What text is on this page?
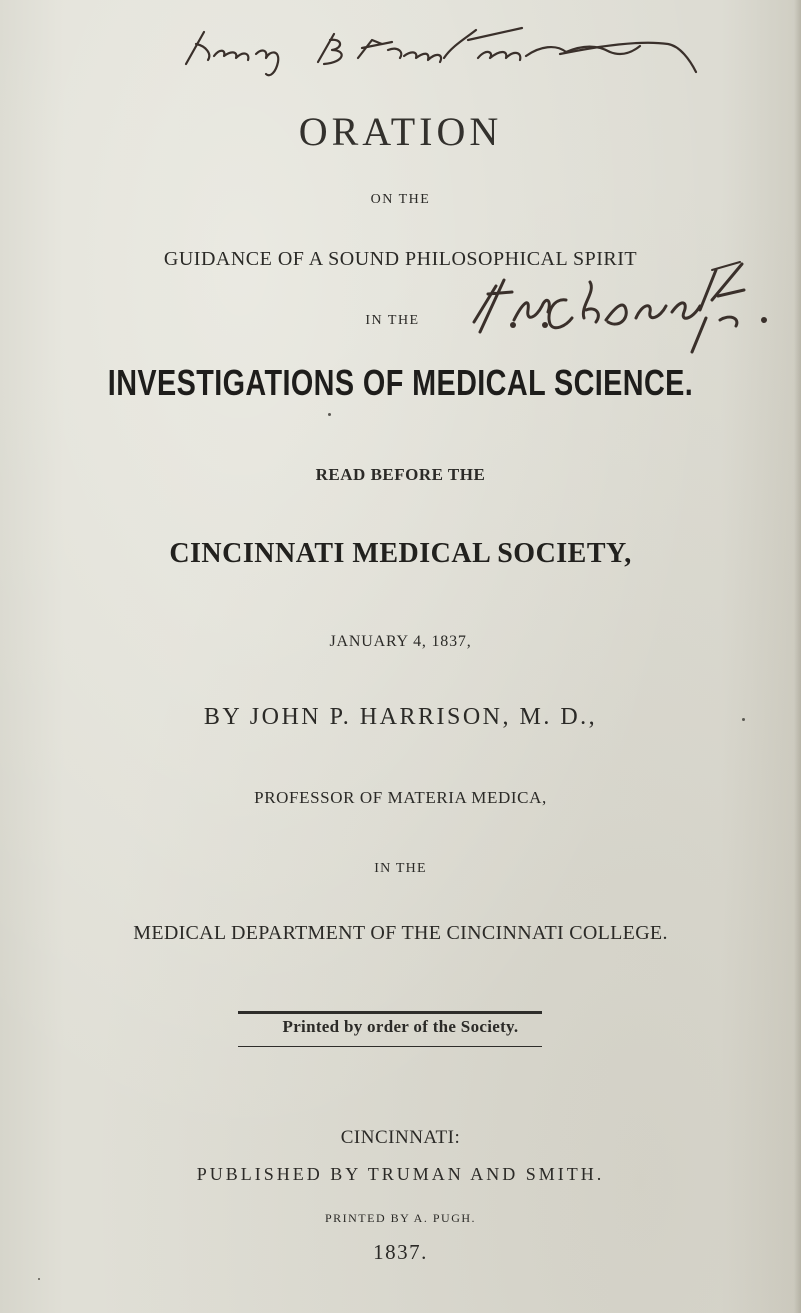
ORATION
ON THE
GUIDANCE OF A SOUND PHILOSOPHICAL SPIRIT
IN THE
INVESTIGATIONS OF MEDICAL SCIENCE.
READ BEFORE THE
CINCINNATI MEDICAL SOCIETY,
JANUARY 4, 1837,
BY JOHN P. HARRISON, M. D.,
PROFESSOR OF MATERIA MEDICA,
IN THE
MEDICAL DEPARTMENT OF THE CINCINNATI COLLEGE.
Printed by order of the Society.
CINCINNATI:
PUBLISHED BY TRUMAN AND SMITH.
PRINTED BY A. PUGH.
1837.
